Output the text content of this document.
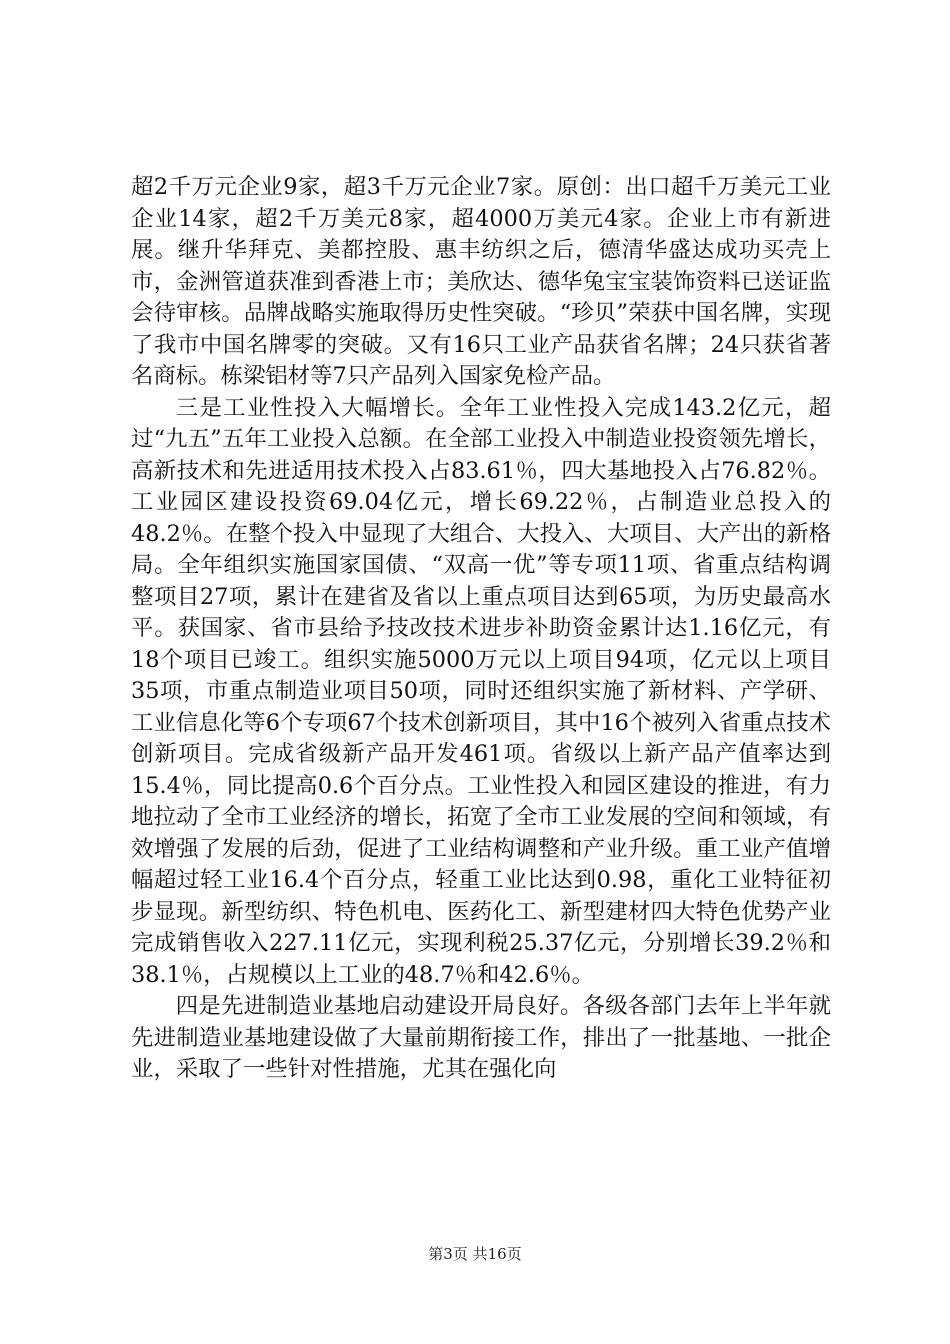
超2千万元企业9家，超3千万元企业7家。原创：出口超千万美元工业企业14家，超2千万美元8家，超4000万美元4家。企业上市有新进展。继升华拜克、美都控股、惠丰纺织之后，德清华盛达成功买壳上市，金洲管道获准到香港上市；美欣达、德华兔宝宝装饰资料已送证监会待审核。品牌战略实施取得历史性突破。“珍贝”荣获中国名牌，实现了我市中国名牌零的突破。又有16只工业产品获省名牌；24只获省著名商标。栋梁铝材等7只产品列入国家免检产品。

三是工业性投入大幅增长。全年工业性投入完成143.2亿元，超过“九五”五年工业投入总额。在全部工业投入中制造业投资领先增长，高新技术和先进适用技术投入占83.61％，四大基地投入占76.82％。工业园区建设投资69.04亿元，增长69.22％，占制造业总投入的48.2％。在整个投入中显现了大组合、大投入、大项目、大产出的新格局。全年组织实施国家国债、“双高一优”等专项11项、省重点结构调整项目27项，累计在建省及省以上重点项目达到65项，为历史最高水平。获国家、省市县给予技改技术进步补助资金累计达1.16亿元，有18个项目已竣工。组织实施5000万元以上项目94项，亿元以上项目35项，市重点制造业项目50项，同时还组织实施了新材料、产学研、工业信息化等6个专项67个技术创新项目，其中16个被列入省重点技术创新项目。完成省级新产品开发461项。省级以上新产品产值率达到15.4％，同比提高0.6个百分点。工业性投入和园区建设的推进，有力地拉动了全市工业经济的增长，拓宽了全市工业发展的空间和领域，有效增强了发展的后劲，促进了工业结构调整和产业升级。重工业产值增幅超过轻工业16.4个百分点，轻重工业比达到0.98，重化工业特征初步显现。新型纺织、特色机电、医药化工、新型建材四大特色优势产业完成销售收入227.11亿元，实现利税25.37亿元，分别增长39.2％和38.1％，占规模以上工业的48.7％和42.6％。

四是先进制造业基地启动建设开局良好。各级各部门去年上半年就先进制造业基地建设做了大量前期衔接工作，排出了一批基地、一批企业，采取了一些针对性措施，尤其在强化向

第3页 共16页
